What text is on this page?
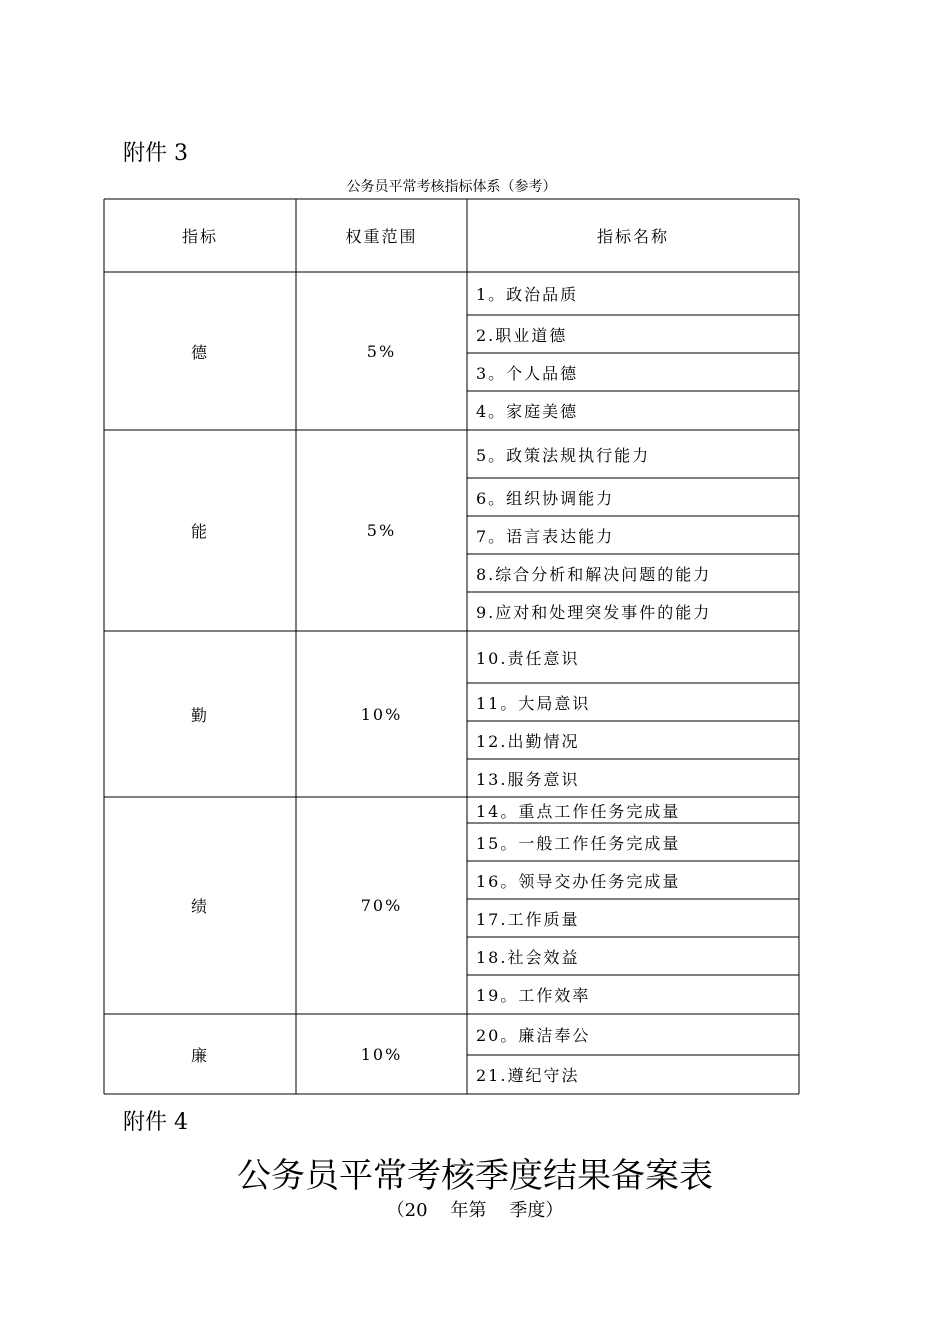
附件 3
公务员平常考核指标体系（参考）
指标	权重范围	指标名称
德	5%
1。政治品质
2.职业道德
3。个人品德
4。家庭美德
能	5%
5。政策法规执行能力
6。组织协调能力
7。语言表达能力
8.综合分析和解决问题的能力
9.应对和处理突发事件的能力
勤	10%
10.责任意识
11。大局意识
12.出勤情况
13.服务意识
绩	70%
14。重点工作任务完成量
15。一般工作任务完成量
16。领导交办任务完成量
17.工作质量
18.社会效益
19。工作效率
廉	10%
20。廉洁奉公
21.遵纪守法
附件 4
公务员平常考核季度结果备案表
（20    年第    季度）
